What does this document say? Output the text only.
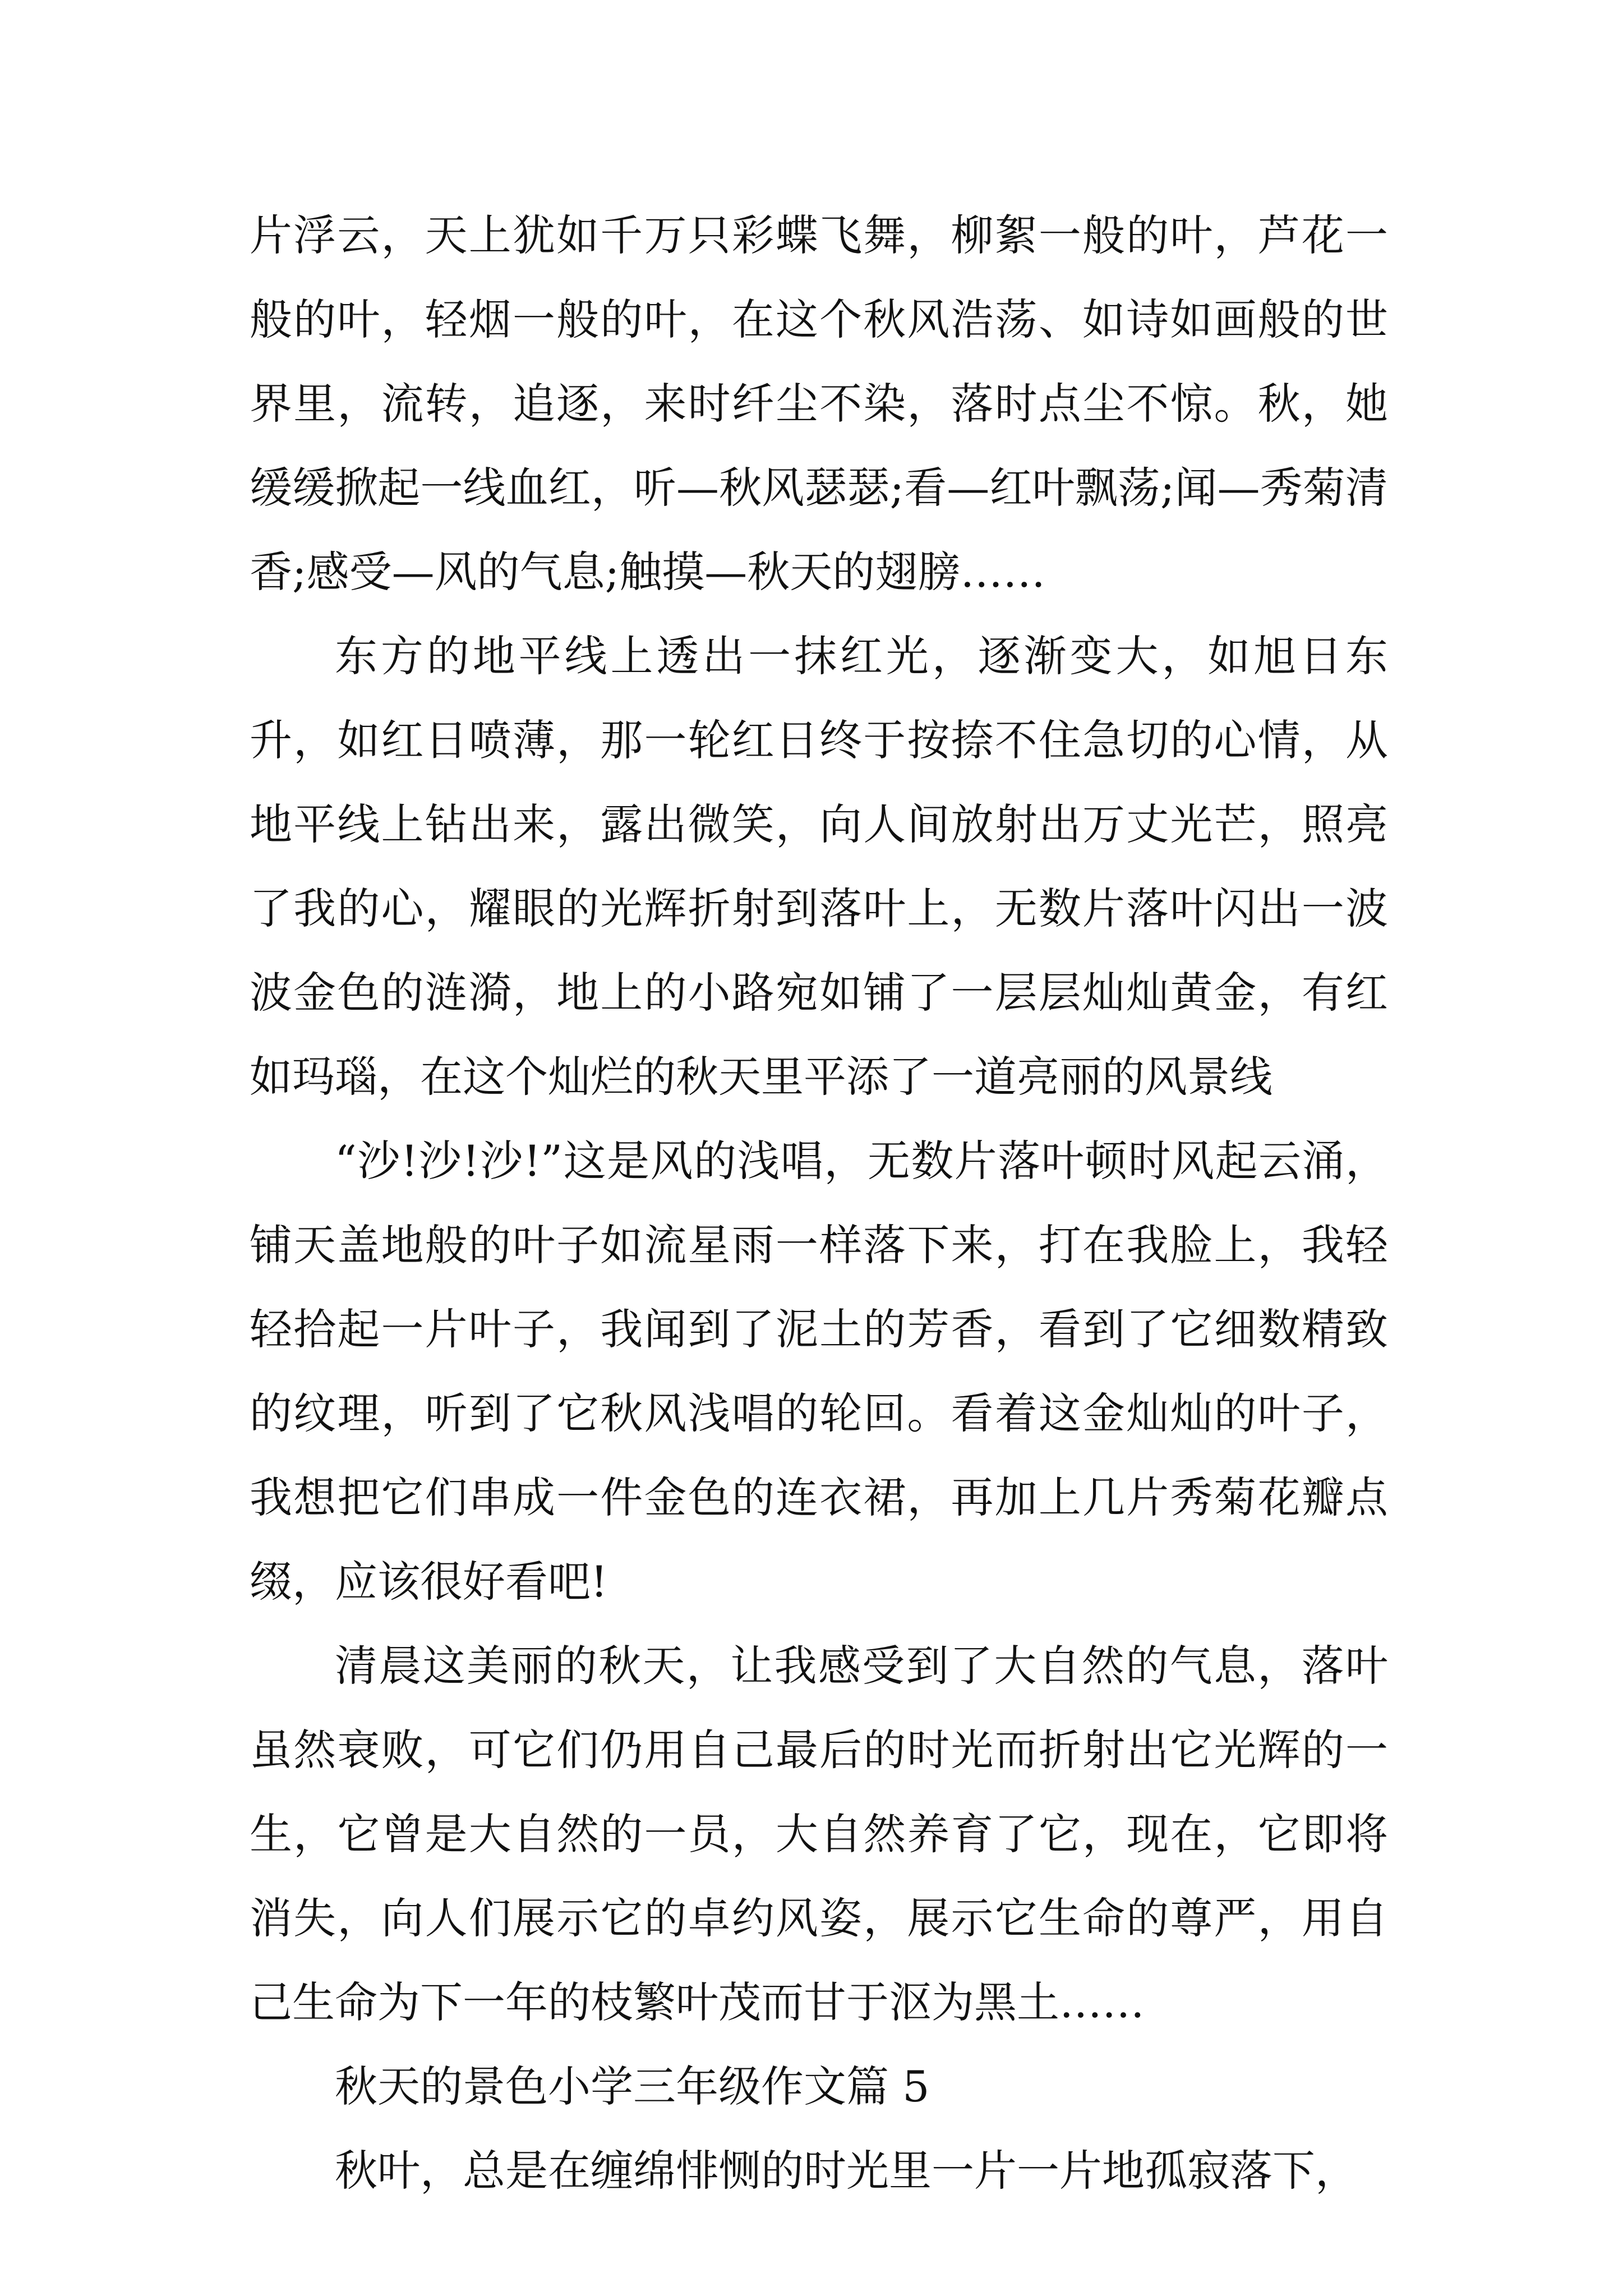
片浮云，天上犹如千万只彩蝶飞舞，柳絮一般的叶，芦花一般的叶，轻烟一般的叶，在这个秋风浩荡、如诗如画般的世界里，流转，追逐，来时纤尘不染，落时点尘不惊。秋，她缓缓掀起一线血红，听—秋风瑟瑟;看—红叶飘荡;闻—秀菊清香;感受—风的气息;触摸—秋天的翅膀……

东方的地平线上透出一抹红光，逐渐变大，如旭日东升，如红日喷薄，那一轮红日终于按捺不住急切的心情，从地平线上钻出来，露出微笑，向人间放射出万丈光芒，照亮了我的心，耀眼的光辉折射到落叶上，无数片落叶闪出一波波金色的涟漪，地上的小路宛如铺了一层层灿灿黄金，有红如玛瑙，在这个灿烂的秋天里平添了一道亮丽的风景线

“沙!沙!沙!”这是风的浅唱，无数片落叶顿时风起云涌，铺天盖地般的叶子如流星雨一样落下来，打在我脸上，我轻轻拾起一片叶子，我闻到了泥土的芳香，看到了它细数精致的纹理，听到了它秋风浅唱的轮回。看着这金灿灿的叶子，我想把它们串成一件金色的连衣裙，再加上几片秀菊花瓣点缀，应该很好看吧!

清晨这美丽的秋天，让我感受到了大自然的气息，落叶虽然衰败，可它们仍用自己最后的时光而折射出它光辉的一生，它曾是大自然的一员，大自然养育了它，现在，它即将消失，向人们展示它的卓约风姿，展示它生命的尊严，用自己生命为下一年的枝繁叶茂而甘于沤为黑土……

秋天的景色小学三年级作文篇 5

秋叶，总是在缠绵悱恻的时光里一片一片地孤寂落下，
